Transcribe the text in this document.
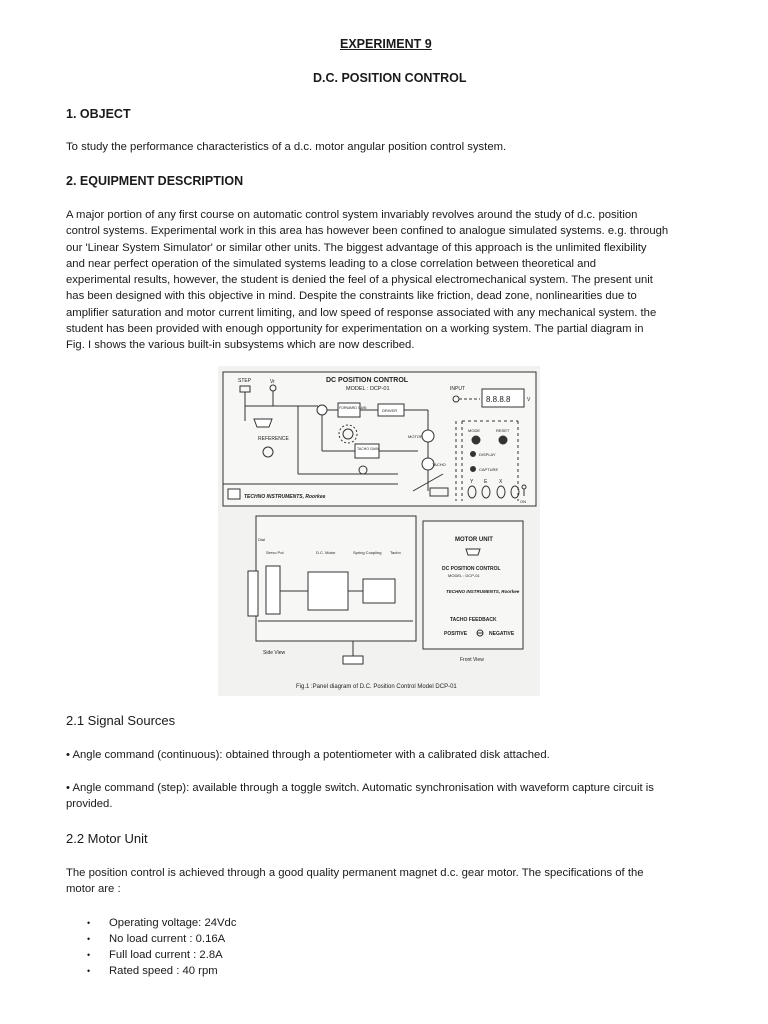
EXPERIMENT 9
D.C. POSITION CONTROL
1. OBJECT
To study the performance characteristics of a d.c. motor angular position control system.
2. EQUIPMENT DESCRIPTION
A major portion of any first course on automatic control system invariably revolves around the study of d.c. position
control systems. Experimental work in this area has however been confined to analogue simulated systems. e.g. through
our 'Linear System Simulator' or similar other units. The biggest advantage of this approach is the unlimited flexibility
and near perfect operation of the simulated systems leading to a close correlation between theoretical and
experimental results, however, the student is denied the feel of a physical electromechanical system. The present unit
has been designed with this objective in mind. Despite the constraints like friction, dead zone, nonlinearities due to
amplifier saturation and motor current limiting, and low speed of response associated with any mechanical system. the
student has been provided with enough opportunity for experimentation on a working system. The partial diagram in
Fig. I shows the various built-in subsystems which are now described.
DC POSITION CONTROL
MODEL : DCP-01
STEP	Vr
REFERENCE
FORWARD GAIN	DRIVER
TACHO GAIN
MOTOR
TACHO
INPUT
8.8.8.8	V
MODE	RESET
DISPLAY
CAPTURE
Y E X
ON
TECHNO INSTRUMENTS, Roorkee
Dial
Servo Pot	D.C. Motor	Spring Coupling Tacho
Side View
MOTOR UNIT
DC POSITION CONTROL
MODEL : DCP-01
TECHNO INSTRUMENTS, Roorkee
TACHO FEEDBACK
POSITIVE	NEGATIVE
Front View
Fig.1 :Panel diagram of D.C. Position Control Model DCP-01
2.1 Signal Sources
• Angle command (continuous): obtained through a potentiometer with a calibrated disk attached.
• Angle command (step): available through a toggle switch. Automatic synchronisation with waveform capture circuit is
provided.
2.2 Motor Unit
The position control is achieved through a good quality permanent magnet d.c. gear motor. The specifications of the
motor are :
• Operating voltage: 24Vdc
• No load current : 0.16A
• Full load current : 2.8A
• Rated speed : 40 rpm
